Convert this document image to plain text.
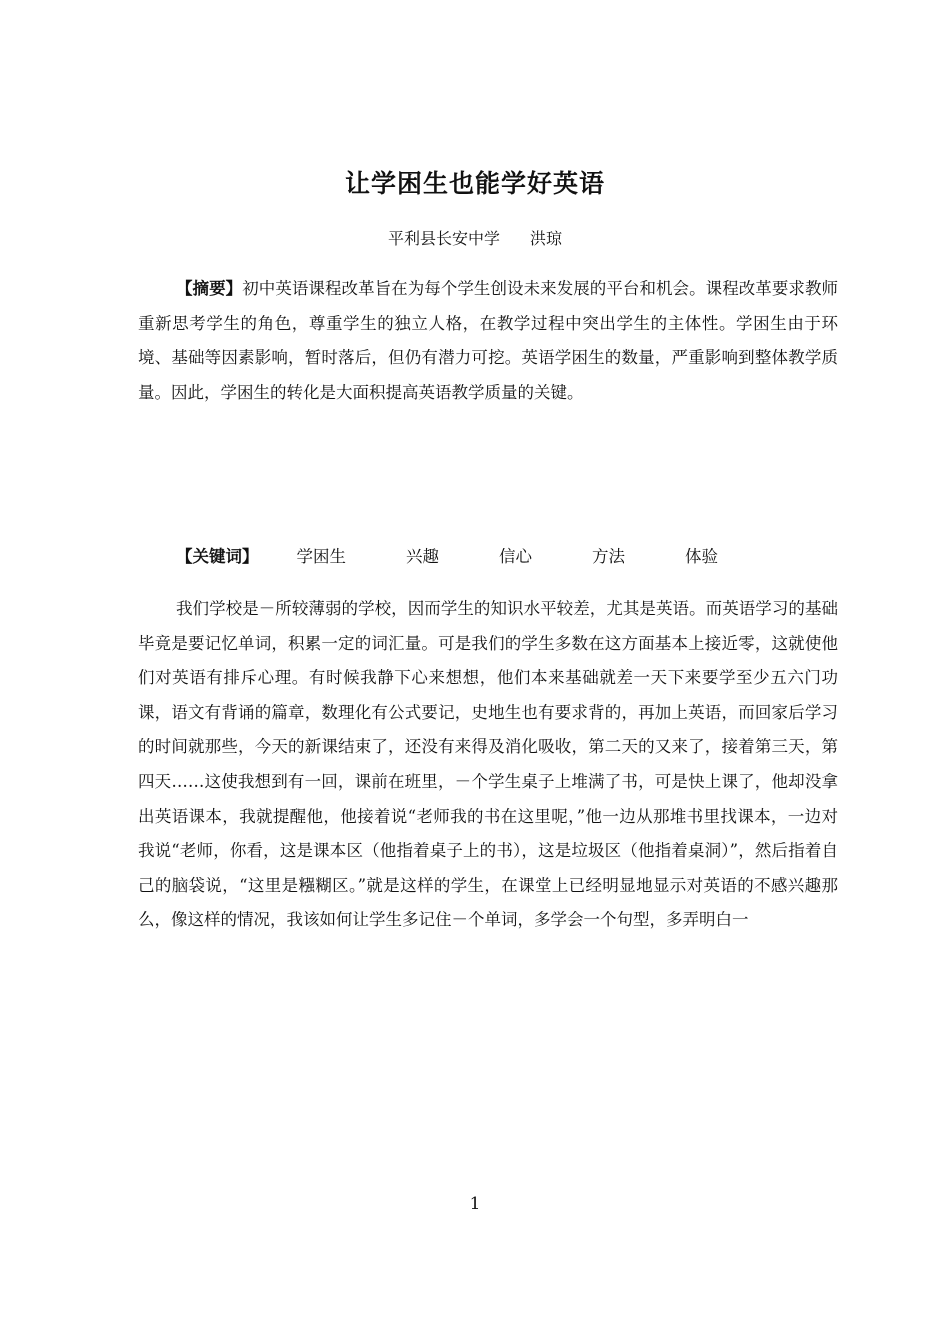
让学困生也能学好英语

平利县长安中学 洪琼

【摘要】初中英语课程改革旨在为每个学生创设未来发展的平台和机会。课程改革要求教师重新思考学生的角色，尊重学生的独立人格，在教学过程中突出学生的主体性。学困生由于环境、基础等因素影响，暂时落后，但仍有潜力可挖。英语学困生的数量，严重影响到整体教学质量。因此，学困生的转化是大面积提高英语教学质量的关键。

【关键词】 学困生	兴趣	信心	方法	体验

我们学校是－所较薄弱的学校，因而学生的知识水平较差，尤其是英语。而英语学习的基础毕竟是要记忆单词，积累一定的词汇量。可是我们的学生多数在这方面基本上接近零，这就使他们对英语有排斥心理。有时候我静下心来想想，他们本来基础就差一天下来要学至少五六门功课，语文有背诵的篇章，数理化有公式要记，史地生也有要求背的，再加上英语，而回家后学习的时间就那些，今天的新课结束了，还没有来得及消化吸收，第二天的又来了，接着第三天，第四天……这使我想到有一回，课前在班里，－个学生桌子上堆满了书，可是快上课了，他却没拿出英语课本，我就提醒他，他接着说“老师我的书在这里呢，”他一边从那堆书里找课本，一边对我说“老师，你看，这是课本区（他指着桌子上的书），这是垃圾区（他指着桌洞）”，然后指着自己的脑袋说，“这里是糨糊区。”就是这样的学生，在课堂上已经明显地显示对英语的不感兴趣那么，像这样的情况，我该如何让学生多记住－个单词，多学会一个句型，多弄明白一

1
